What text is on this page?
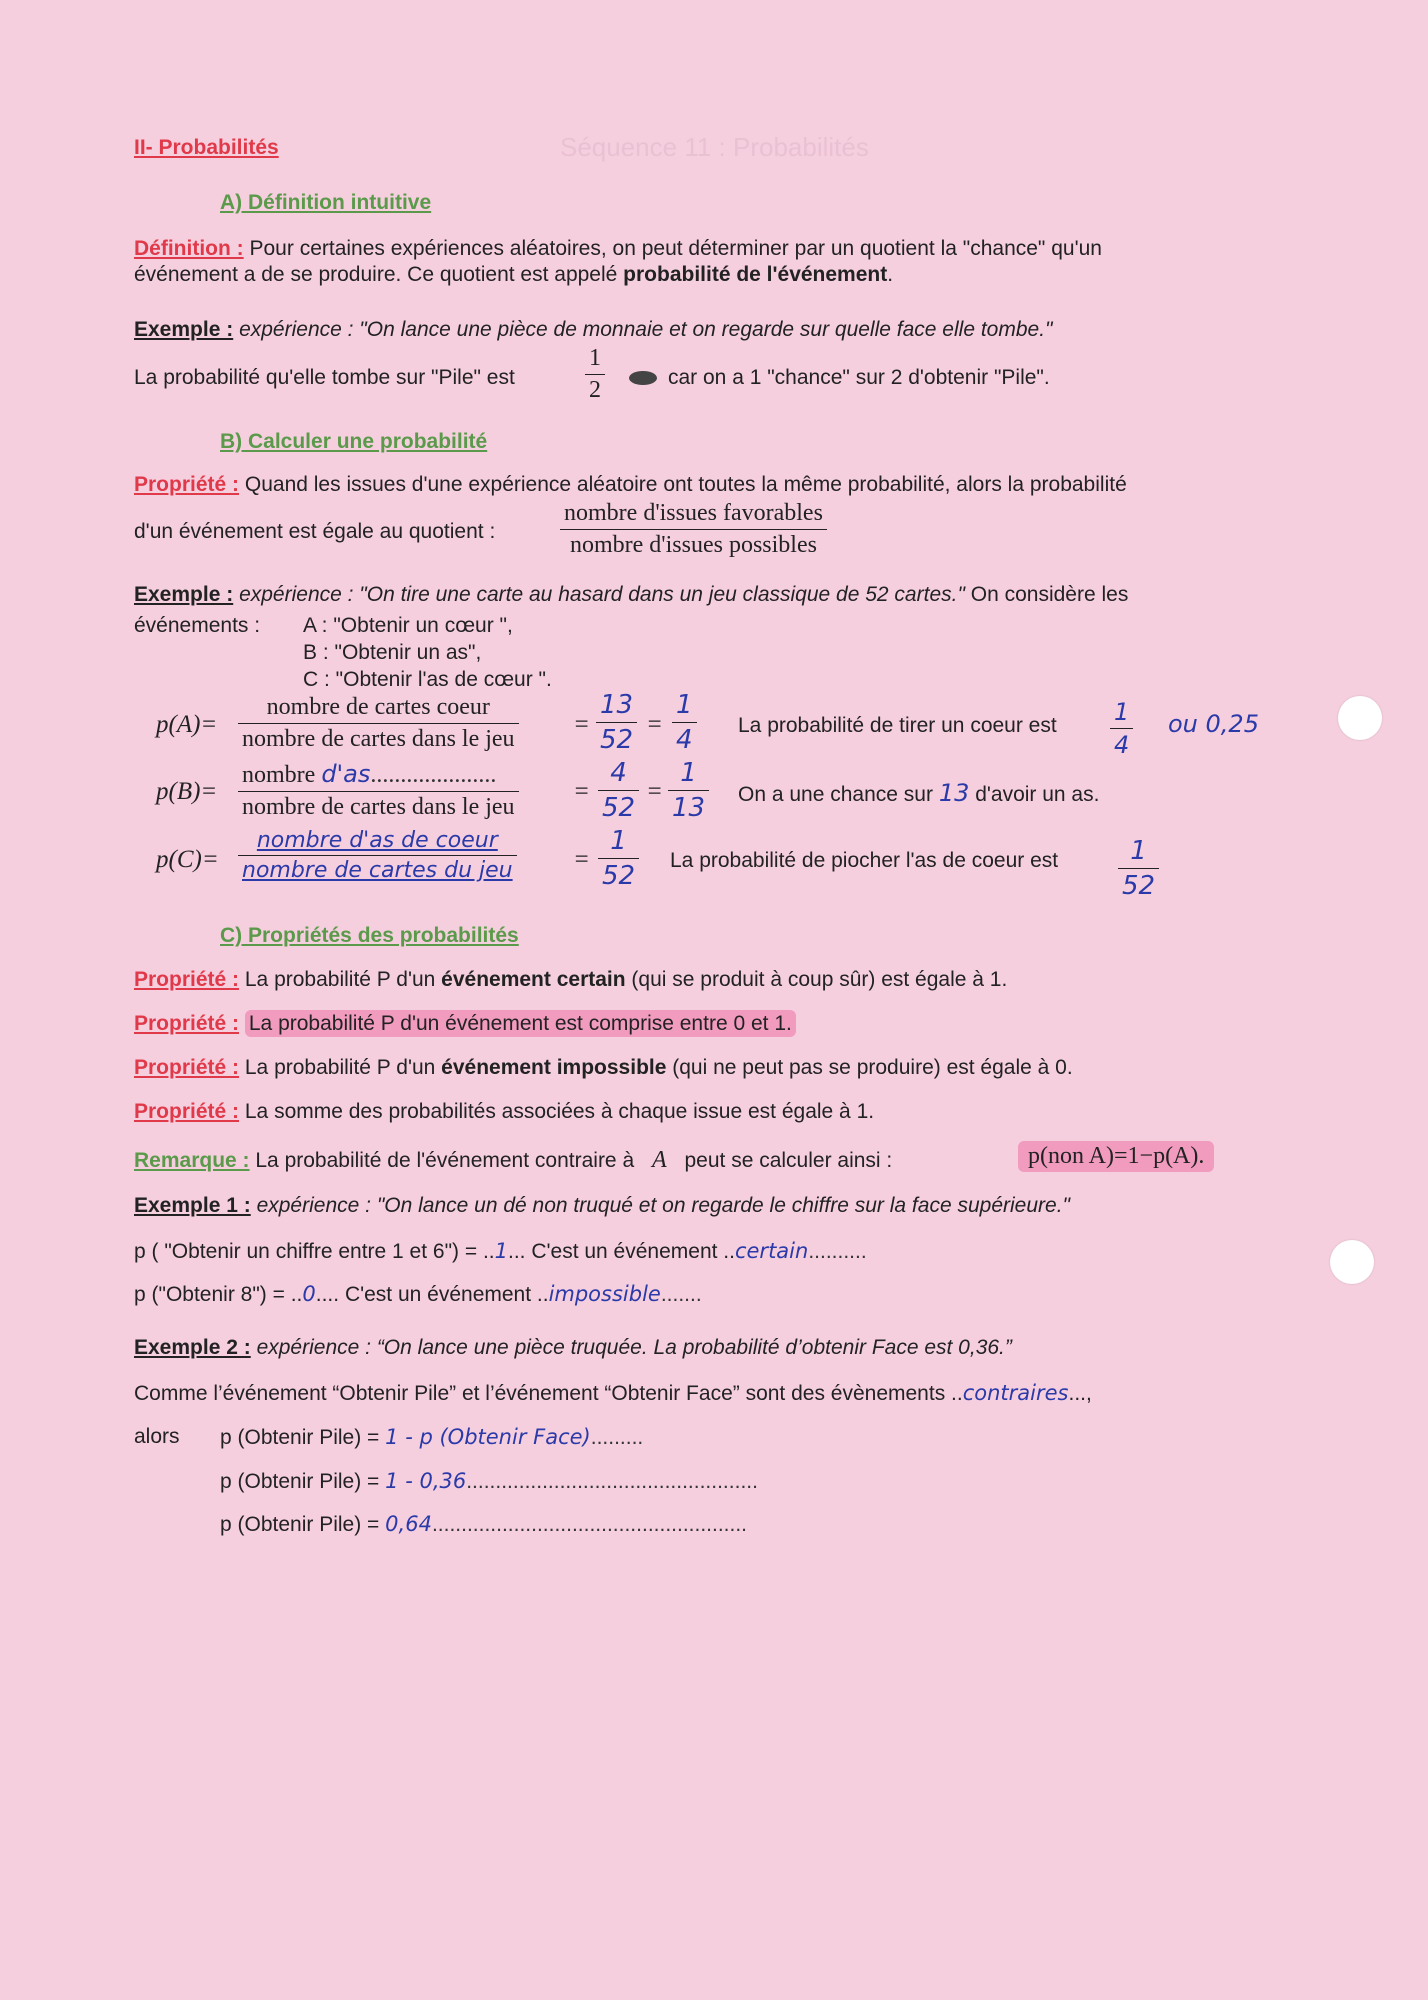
Séquence 11 : Probabilités
II- Probabilités
A) Définition intuitive
Définition : Pour certaines expériences aléatoires, on peut déterminer par un quotient la "chance" qu'un
événement a de se produire. Ce quotient est appelé probabilité de l'événement.
Exemple : expérience : "On lance une pièce de monnaie et on regarde sur quelle face elle tombe."
La probabilité qu'elle tombe sur "Pile" est
1
2	car on a 1 "chance" sur 2 d'obtenir "Pile".
B) Calculer une probabilité
Propriété : Quand les issues d'une expérience aléatoire ont toutes la même probabilité, alors la probabilité
d'un événement est égale au quotient :
nombre d'issues favorables
nombre d'issues possibles
Exemple : expérience : "On tire une carte au hasard dans un jeu classique de 52 cartes." On considère les
événements : A : "Obtenir un cœur ",
B : "Obtenir un as",
C : "Obtenir l'as de cœur ".
p(A)=
nombre de cartes coeur
nombre de cartes dans le jeu
=
13
52
=
1
4 La probabilité de tirer un coeur est 1
4
ou 0,25
p(B)=
nombre d'as.....................
nombre de cartes dans le jeu
=
4
52
=
1
13 On a une chance sur 13 d'avoir un as.
p(C)=
nombre d'as de coeur
nombre de cartes du jeu =
1
52
La probabilité de piocher l'as de coeur est	1
52
C) Propriétés des probabilités
Propriété : La probabilité P d'un événement certain (qui se produit à coup sûr) est égale à 1.
Propriété : La probabilité P d'un événement est comprise entre 0 et 1.
Propriété : La probabilité P d'un événement impossible (qui ne peut pas se produire) est égale à 0.
Propriété : La somme des probabilités associées à chaque issue est égale à 1.
Remarque : La probabilité de l'événement contraire à A peut se calculer ainsi :	p(non A)=1−p(A).
Exemple 1 : expérience : "On lance un dé non truqué et on regarde le chiffre sur la face supérieure."
p ( "Obtenir un chiffre entre 1 et 6") = ..1... C'est un événement ..certain..........
p ("Obtenir 8") = ..0.... C'est un événement ..impossible.......
Exemple 2 : expérience : “On lance une pièce truquée. La probabilité d’obtenir Face est 0,36.”
Comme l’événement “Obtenir Pile” et l’événement “Obtenir Face” sont des évènements ..contraires...,
alors p (Obtenir Pile) = 1 - p (Obtenir Face).........
p (Obtenir Pile) = 1 - 0,36..................................................
p (Obtenir Pile) = 0,64......................................................
